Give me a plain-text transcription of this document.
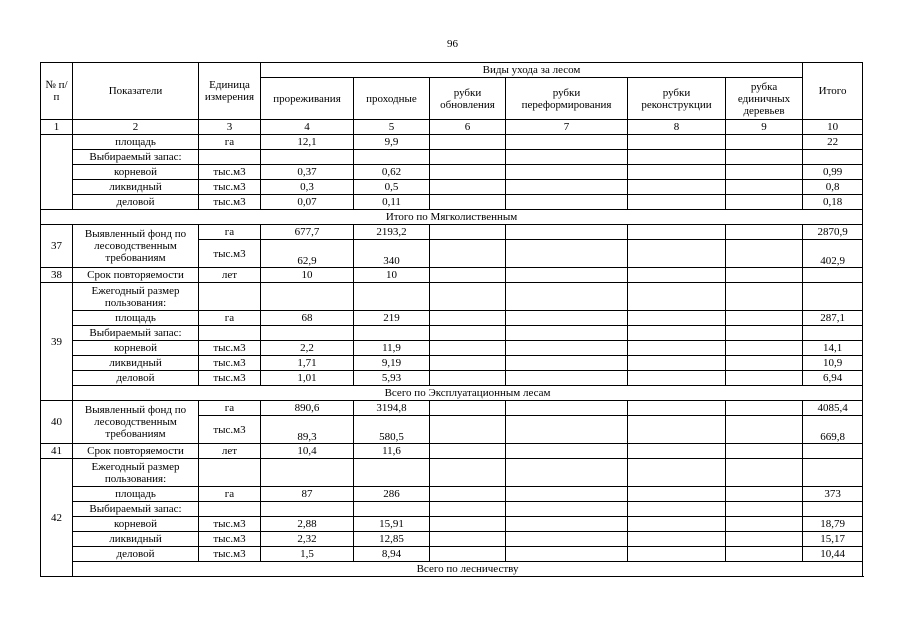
96
№ п/п	Показатели	Единица измерения	Виды ухода за лесом						Итого
			прореживания	проходные	рубки обновления	рубки переформирования	рубки реконструкции	рубка единичных деревьев	
1	2	3	4	5	6	7	8	9	10
	площадь	га	12,1	9,9					22
	Выбираемый запас:								
	корневой	тыс.м3	0,37	0,62					0,99
	ликвидный	тыс.м3	0,3	0,5					0,8
	деловой	тыс.м3	0,07	0,11					0,18
Итого по Мягколиственным									
37	Выявленный фонд по лесоводственным требованиям	га	677,7	2193,2					2870,9
		тыс.м3	62,9	340					402,9
38	Срок повторяемости	лет	10	10					
39	Ежегодный размер пользования:								
	площадь	га	68	219					287,1
	Выбираемый запас:								
	корневой	тыс.м3	2,2	11,9					14,1
	ликвидный	тыс.м3	1,71	9,19					10,9
	деловой	тыс.м3	1,01	5,93					6,94
	Всего по Эксплуатационным лесам								
40	Выявленный фонд по лесоводственным требованиям	га	890,6	3194,8					4085,4
		тыс.м3	89,3	580,5					669,8
41	Срок повторяемости	лет	10,4	11,6					
42	Ежегодный размер пользования:								
	площадь	га	87	286					373
	Выбираемый запас:								
	корневой	тыс.м3	2,88	15,91					18,79
	ликвидный	тыс.м3	2,32	12,85					15,17
	деловой	тыс.м3	1,5	8,94					10,44
	Всего по лесничеству								
